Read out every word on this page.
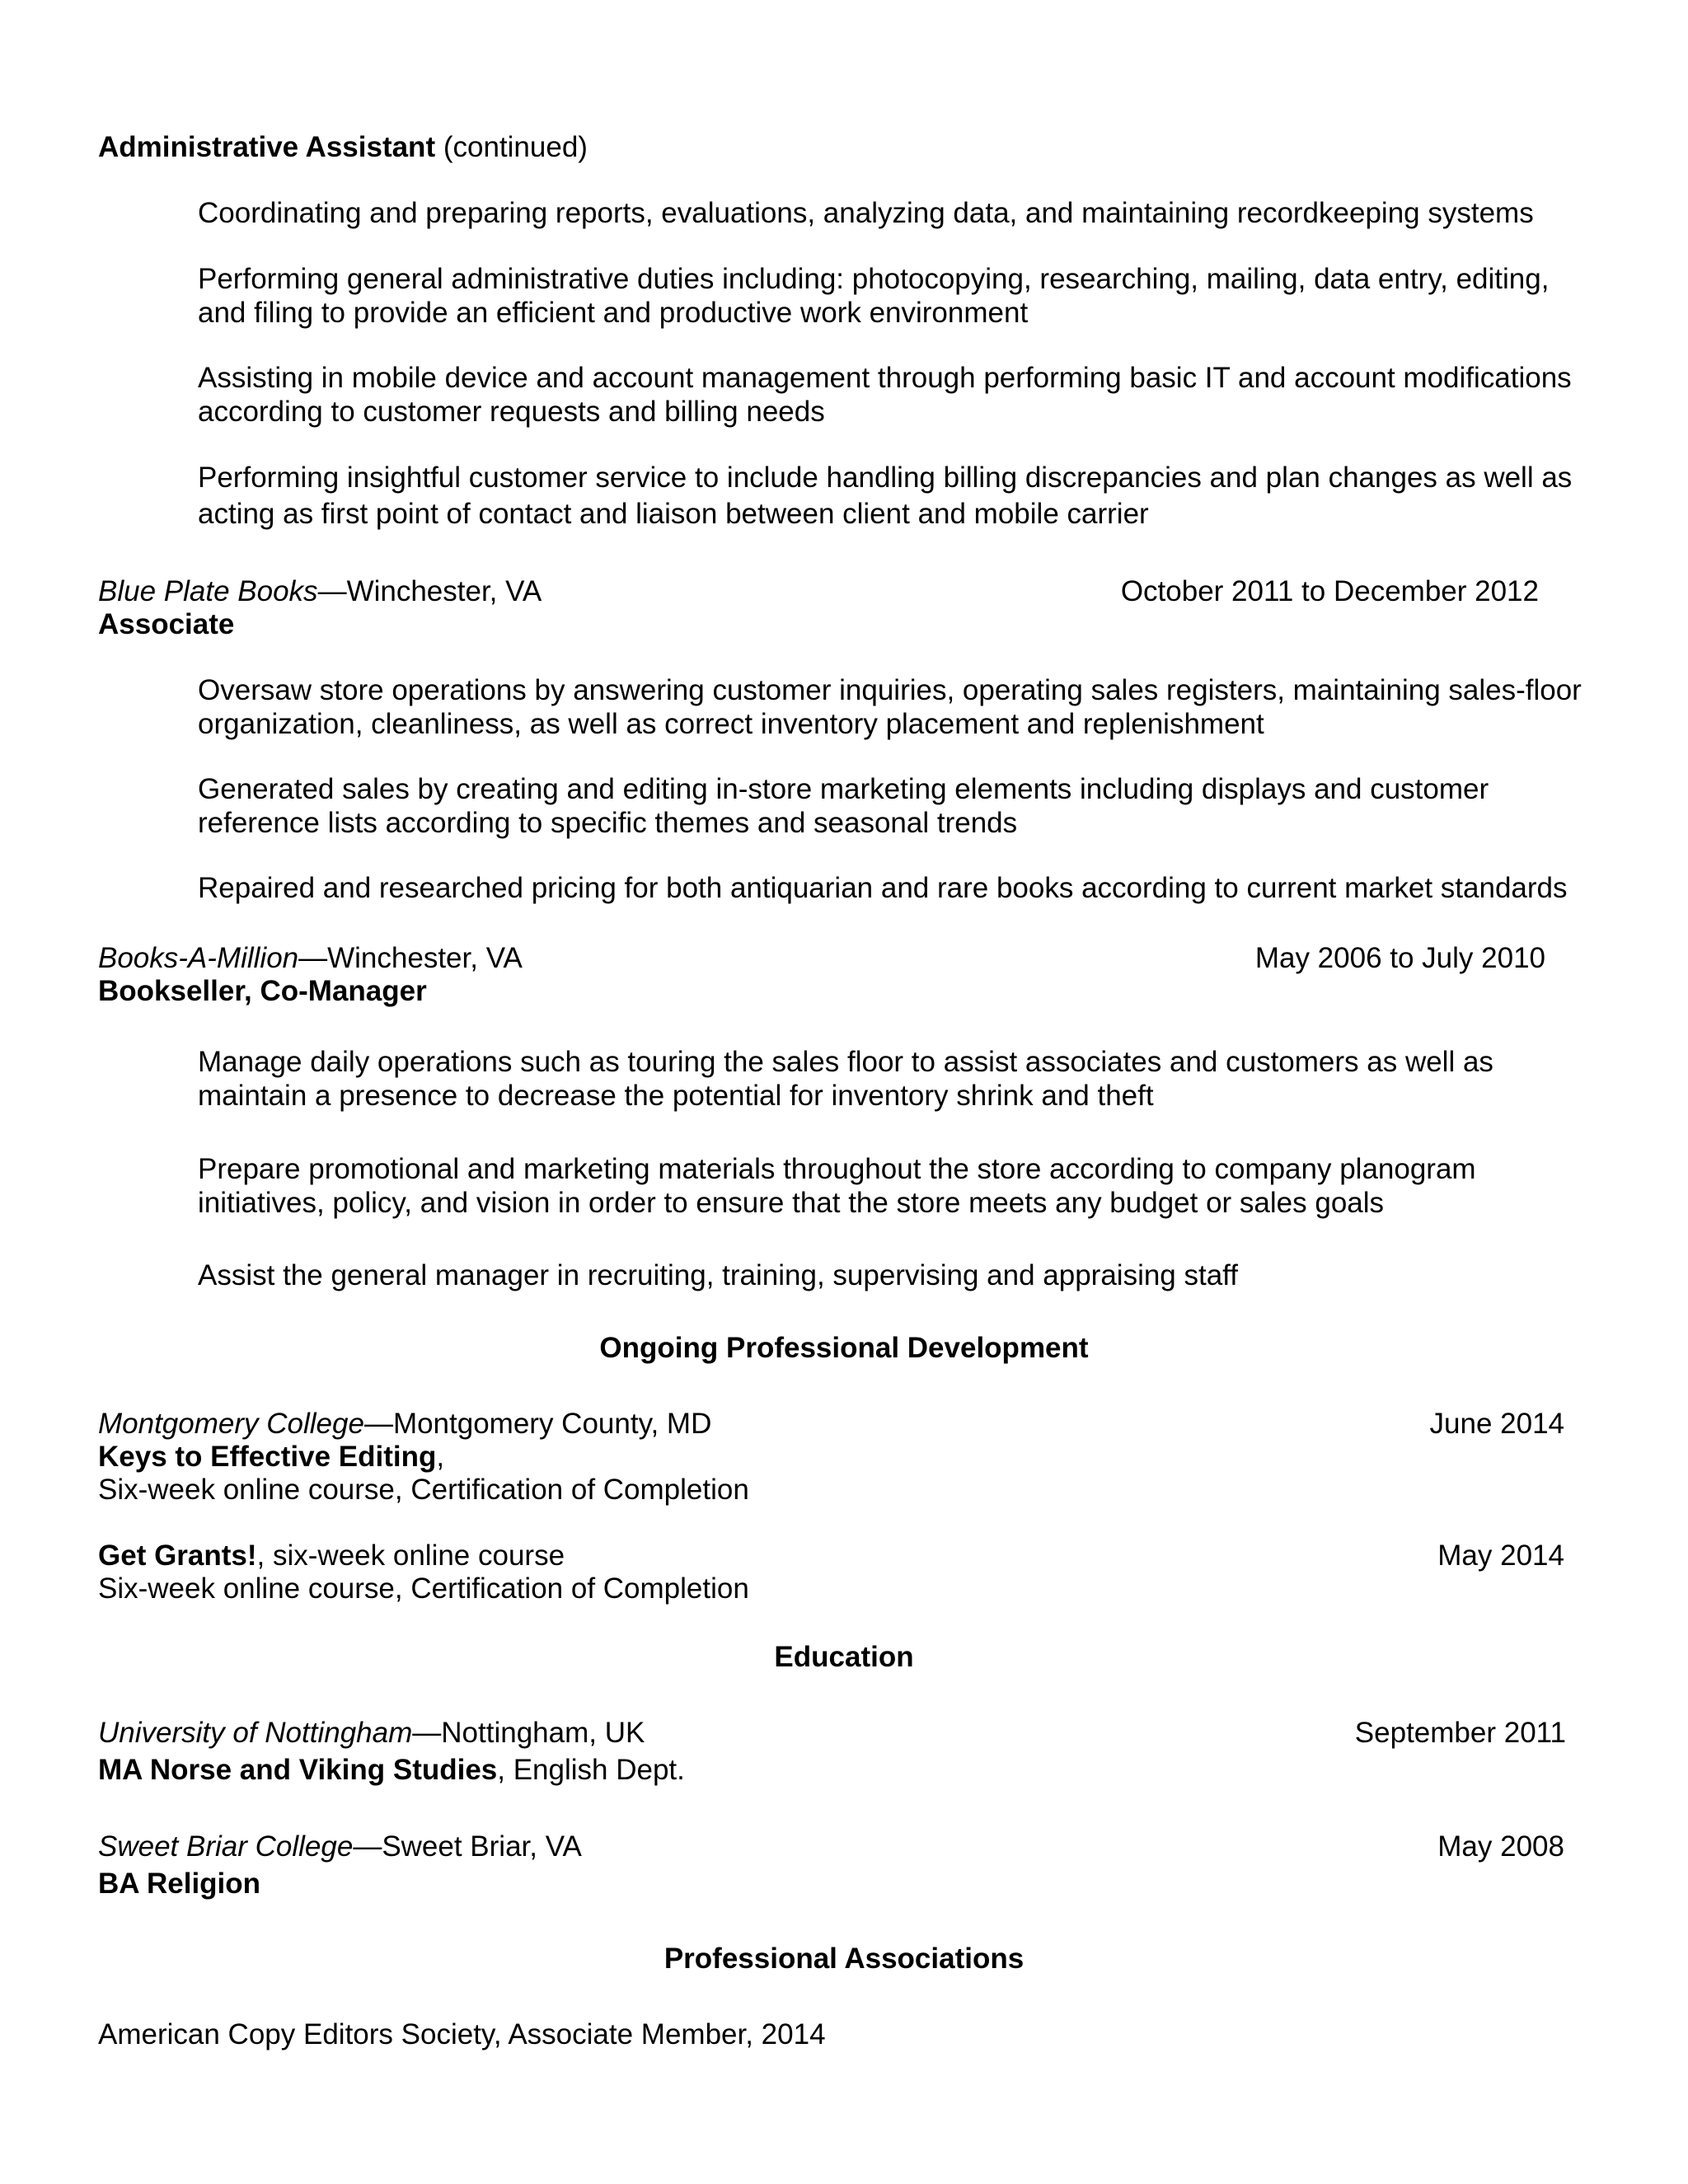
Administrative Assistant (continued)
Coordinating and preparing reports, evaluations, analyzing data, and maintaining recordkeeping systems
Performing general administrative duties including: photocopying, researching, mailing, data entry, editing, and filing to provide an efficient and productive work environment
Assisting in mobile device and account management through performing basic IT and account modifications according to customer requests and billing needs
Performing insightful customer service to include handling billing discrepancies and plan changes as well as acting as first point of contact and liaison between client and mobile carrier
Blue Plate Books—Winchester, VA	October 2011 to December 2012
Associate
Oversaw store operations by answering customer inquiries, operating sales registers, maintaining sales-floor organization, cleanliness, as well as correct inventory placement and replenishment
Generated sales by creating and editing in-store marketing elements including displays and customer reference lists according to specific themes and seasonal trends
Repaired and researched pricing for both antiquarian and rare books according to current market standards
Books-A-Million—Winchester, VA	May 2006 to July 2010
Bookseller, Co-Manager
Manage daily operations such as touring the sales floor to assist associates and customers as well as maintain a presence to decrease the potential for inventory shrink and theft
Prepare promotional and marketing materials throughout the store according to company planogram initiatives, policy, and vision in order to ensure that the store meets any budget or sales goals
Assist the general manager in recruiting, training, supervising and appraising staff
Ongoing Professional Development
Montgomery College—Montgomery County, MD	June 2014
Keys to Effective Editing,
Six-week online course, Certification of Completion
Get Grants!, six-week online course	May 2014
Six-week online course, Certification of Completion
Education
University of Nottingham—Nottingham, UK	September 2011
MA Norse and Viking Studies, English Dept.
Sweet Briar College—Sweet Briar, VA	May 2008
BA Religion
Professional Associations
American Copy Editors Society, Associate Member, 2014
